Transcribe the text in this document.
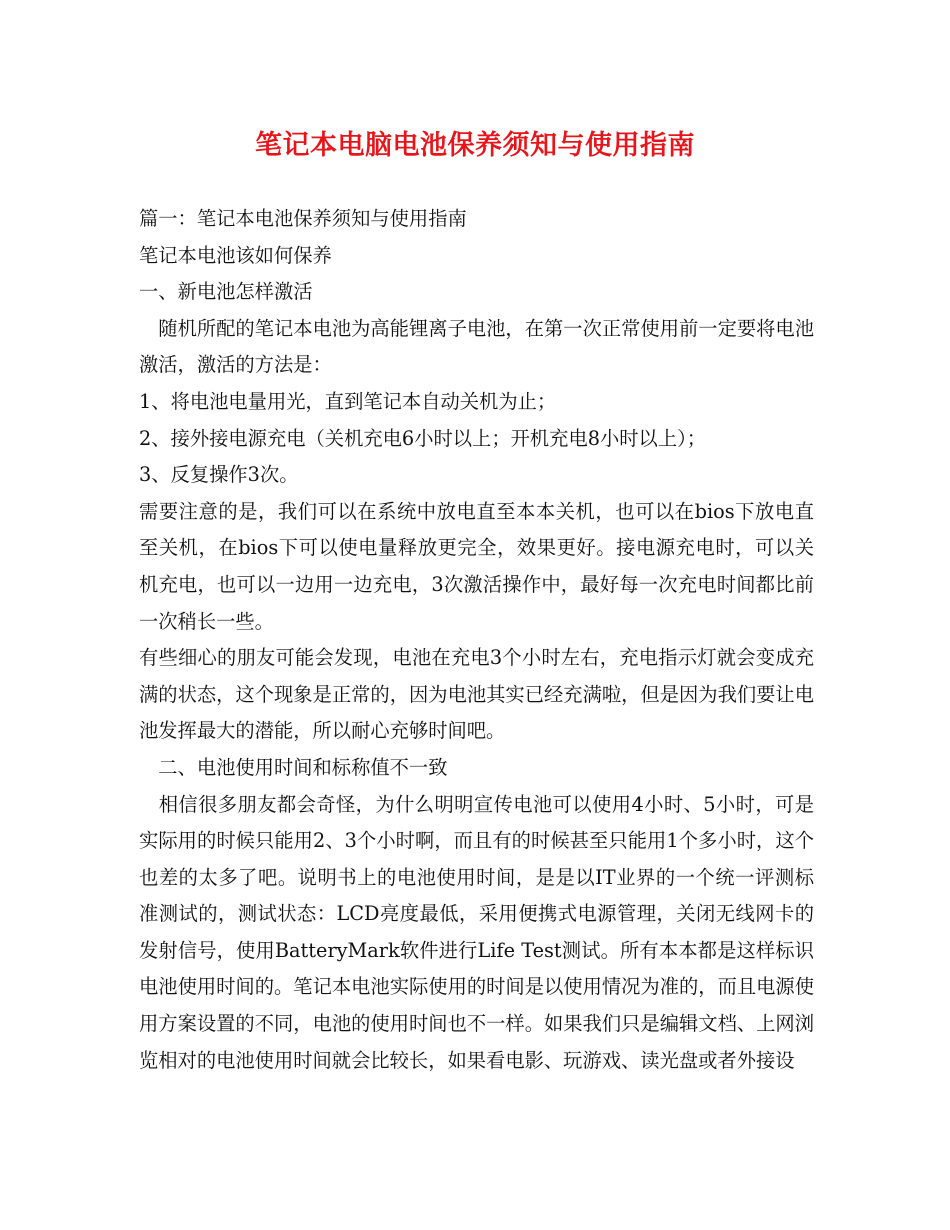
笔记本电脑电池保养须知与使用指南

篇一：笔记本电池保养须知与使用指南

笔记本电池该如何保养

一、新电池怎样激活

　随机所配的笔记本电池为高能锂离子电池，在第一次正常使用前一定要将电池激活，激活的方法是：

1、将电池电量用光，直到笔记本自动关机为止；

2、接外接电源充电（关机充电6小时以上；开机充电8小时以上）；

3、反复操作3次。

需要注意的是，我们可以在系统中放电直至本本关机，也可以在bios下放电直至关机，在bios下可以使电量释放更完全，效果更好。接电源充电时，可以关机充电，也可以一边用一边充电，3次激活操作中，最好每一次充电时间都比前一次稍长一些。

有些细心的朋友可能会发现，电池在充电3个小时左右，充电指示灯就会变成充满的状态，这个现象是正常的，因为电池其实已经充满啦，但是因为我们要让电池发挥最大的潜能，所以耐心充够时间吧。

　二、电池使用时间和标称值不一致

　相信很多朋友都会奇怪，为什么明明宣传电池可以使用4小时、5小时，可是实际用的时候只能用2、3个小时啊，而且有的时候甚至只能用1个多小时，这个也差的太多了吧。说明书上的电池使用时间，是是以IT业界的一个统一评测标准测试的，测试状态：LCD亮度最低，采用便携式电源管理，关闭无线网卡的发射信号，使用BatteryMark软件进行Life Test测试。所有本本都是这样标识电池使用时间的。笔记本电池实际使用的时间是以使用情况为准的，而且电源使用方案设置的不同，电池的使用时间也不一样。如果我们只是编辑文档、上网浏览相对的电池使用时间就会比较长，如果看电影、玩游戏、读光盘或者外接设
